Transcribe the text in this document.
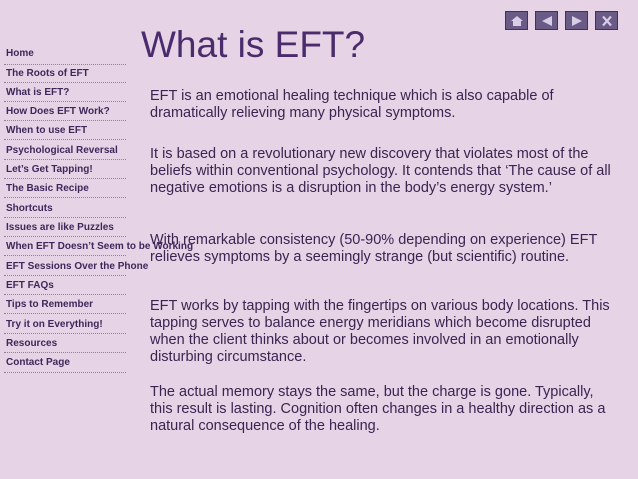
Home
The Roots of EFT
What is EFT?
How Does EFT Work?
When to use EFT
Psychological Reversal
Let’s Get Tapping!
The Basic Recipe
Shortcuts
Issues are like Puzzles
When EFT Doesn’t Seem to be Working
EFT Sessions Over the Phone
EFT FAQs
Tips to Remember
Try it on Everything!
Resources
Contact Page
What is EFT?

EFT is an emotional healing technique which is also capable of dramatically relieving many physical symptoms.

It is based on a revolutionary new discovery that violates most of the beliefs within conventional psychology. It contends that ‘The cause of all negative emotions is a disruption in the body’s energy system.’

With remarkable consistency (50-90% depending on experience) EFT relieves symptoms by a seemingly strange (but scientific) routine.

EFT works by tapping with the fingertips on various body locations. This tapping serves to balance energy meridians which become disrupted when the client thinks about or becomes involved in an emotionally disturbing circumstance.

The actual memory stays the same, but the charge is gone. Typically, this result is lasting. Cognition often changes in a healthy direction as a natural consequence of the healing.
